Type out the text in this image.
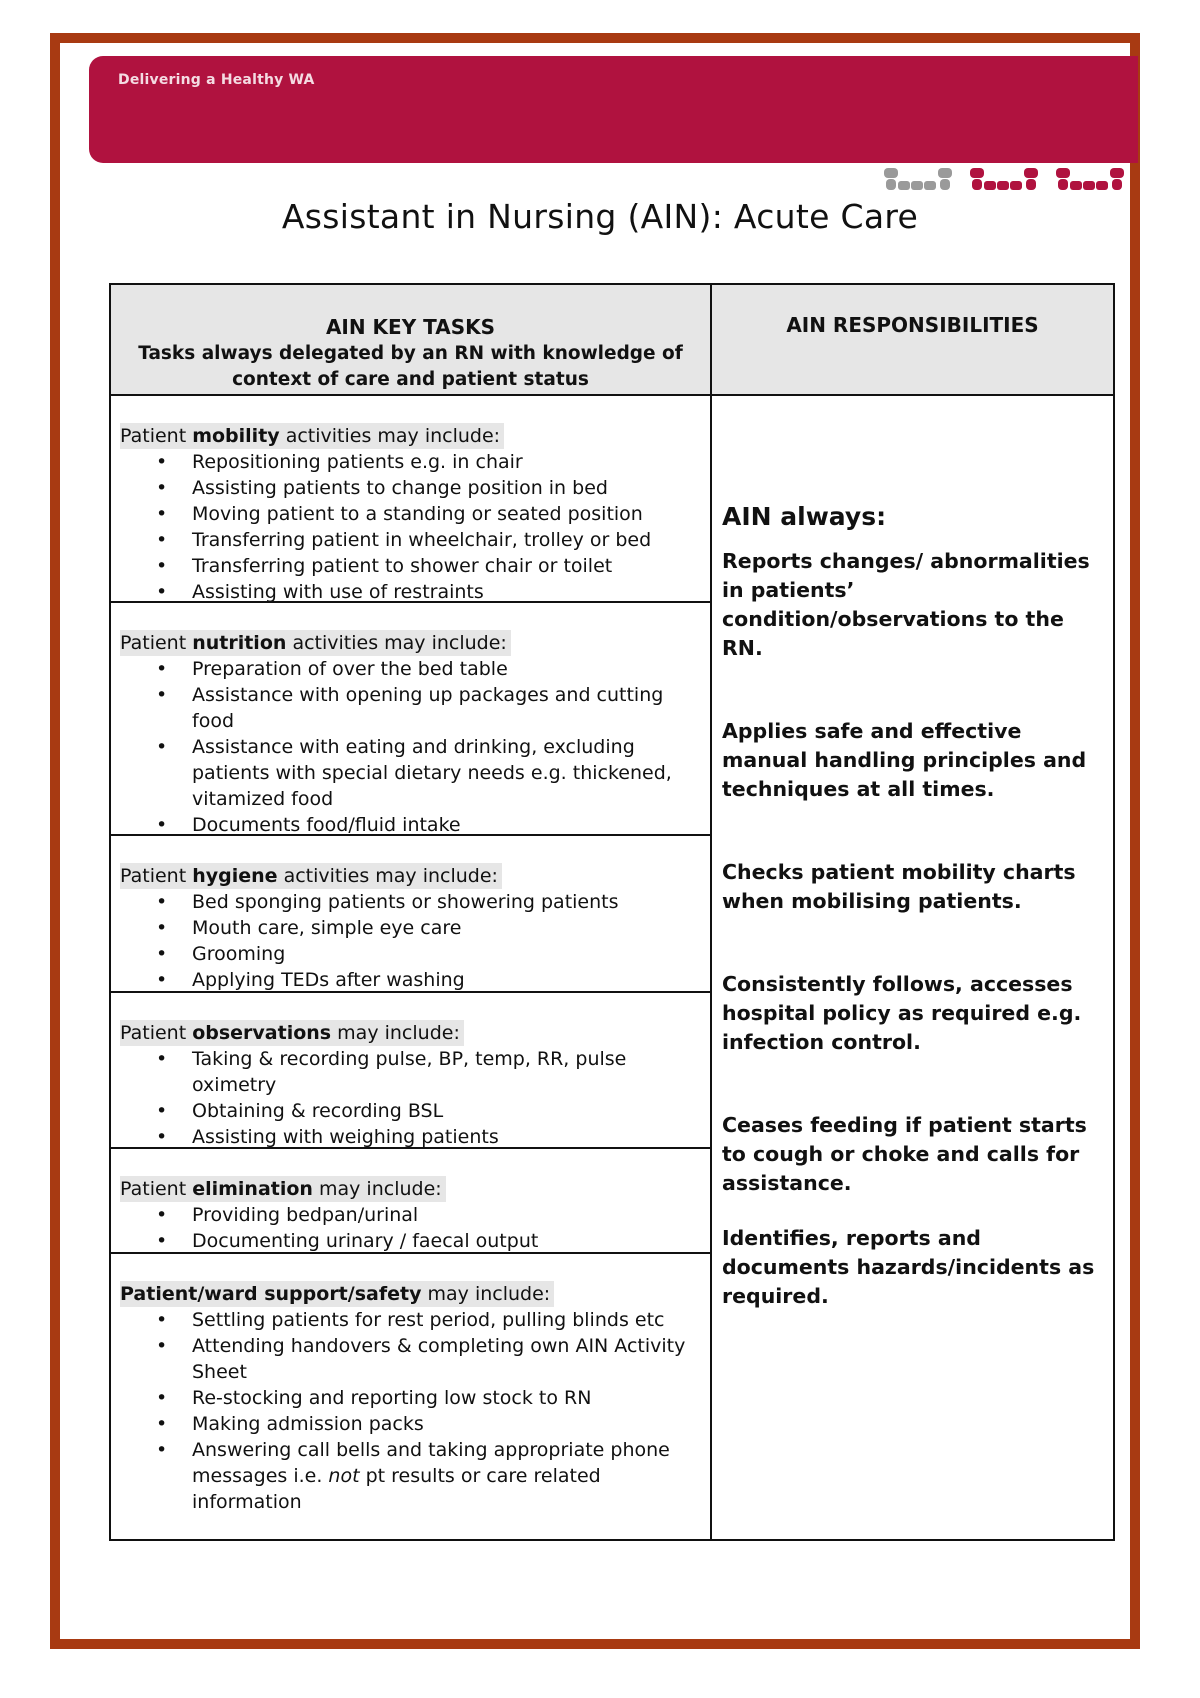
Delivering a Healthy WA
Assistant in Nursing (AIN): Acute Care
AIN KEY TASKS
Tasks always delegated by an RN with knowledge of context of care and patient status
Patient mobility activities may include:
• Repositioning patients e.g. in chair
• Assisting patients to change position in bed
• Moving patient to a standing or seated position
• Transferring patient in wheelchair, trolley or bed
• Transferring patient to shower chair or toilet
• Assisting with use of restraints
Patient nutrition activities may include:
• Preparation of over the bed table
• Assistance with opening up packages and cutting food
• Assistance with eating and drinking, excluding patients with special dietary needs e.g. thickened, vitamized food
• Documents food/fluid intake
Patient hygiene activities may include:
• Bed sponging patients or showering patients
• Mouth care, simple eye care
• Grooming
• Applying TEDs after washing
Patient observations may include:
• Taking & recording pulse, BP, temp, RR, pulse oximetry
• Obtaining & recording BSL
• Assisting with weighing patients
Patient elimination may include:
• Providing bedpan/urinal
• Documenting urinary / faecal output
Patient/ward support/safety may include:
• Settling patients for rest period, pulling blinds etc
• Attending handovers & completing own AIN Activity Sheet
• Re-stocking and reporting low stock to RN
• Making admission packs
• Answering call bells and taking appropriate phone messages i.e. not pt results or care related information
AIN RESPONSIBILITIES
AIN always:

Reports changes/ abnormalities in patients’ condition/observations to the RN.

Applies safe and effective manual handling principles and techniques at all times.

Checks patient mobility charts when mobilising patients.

Consistently follows, accesses hospital policy as required e.g. infection control.

Ceases feeding if patient starts to cough or choke and calls for assistance.

Identifies, reports and documents hazards/incidents as required.
